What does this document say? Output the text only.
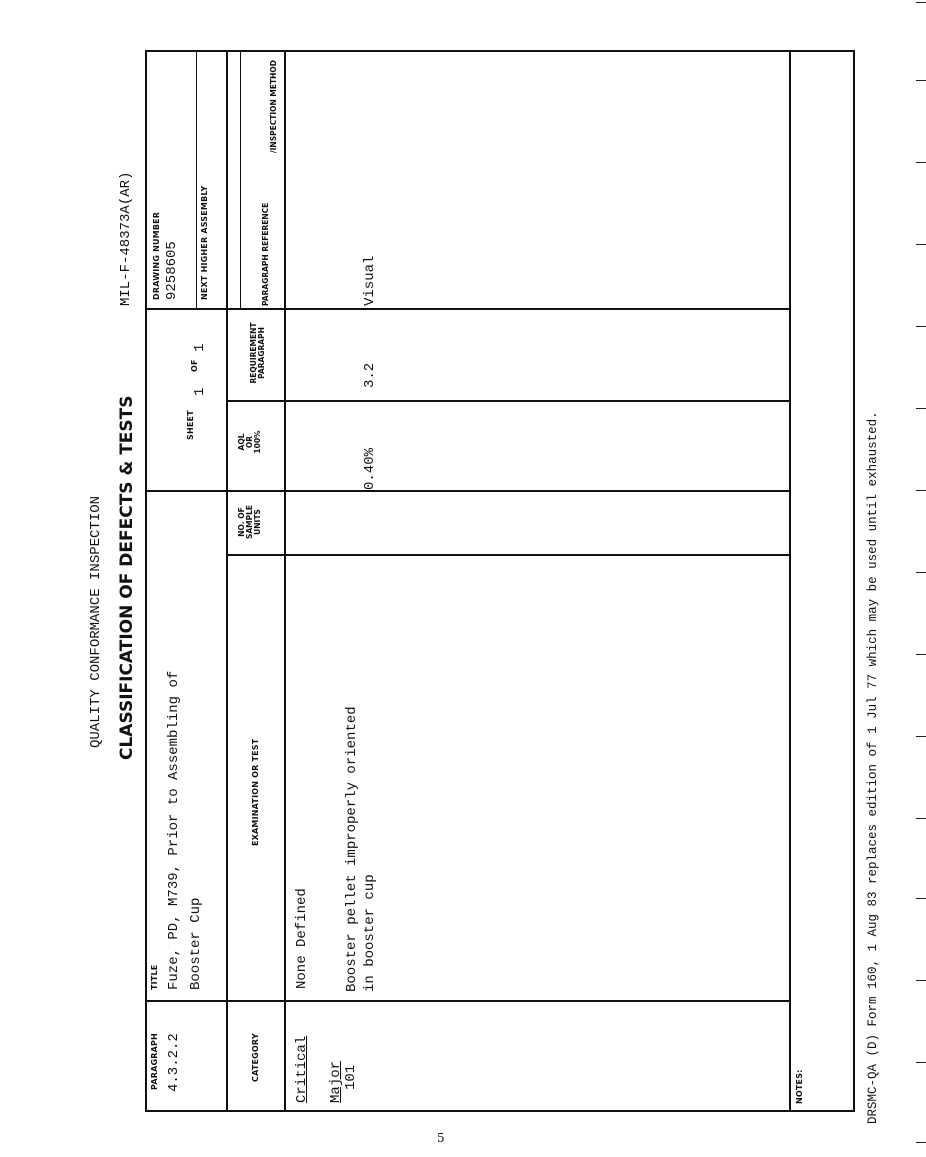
QUALITY CONFORMANCE INSPECTION CLASSIFICATION OF DEFECTS & TESTS
MIL-F-48373A(AR)
PARAGRAPH 4.3.2.2
TITLE Fuze, PD, M739, Prior to Assembling of Booster Cup
SHEET
1
OF
1
DRAWING NUMBER 9258605	NEXT HIGHER ASSEMBLY
CATEGORY
EXAMINATION OR TEST
NO. OF SAMPLE UNITS
AQL OR 100%
REQUIREMENT PARAGRAPH
PARAGRAPH REFERENCE
/INSPECTION METHOD
Critical
None Defined
Major 101
Booster pellet improperly oriented in booster cup
0.40%
3.2
Visual
NOTES:	DRSMC-QA (D) Form 160, 1 Aug 83 replaces edition of 1 Jul 77 which may be used until exhausted.
5
